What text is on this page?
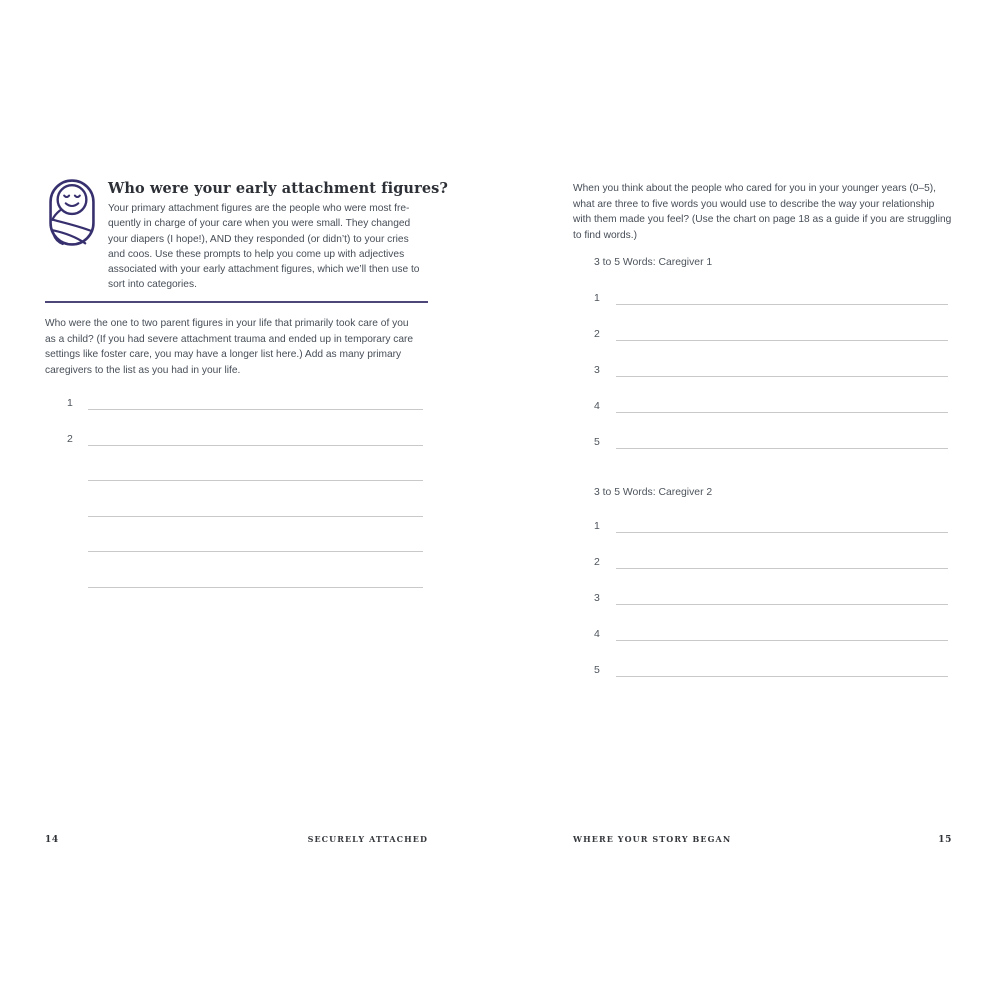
Who were your early attachment figures?
Your primary attachment figures are the people who were most fre-
quently in charge of your care when you were small. They changed
your diapers (I hope!), AND they responded (or didn’t) to your cries
and coos. Use these prompts to help you come up with adjectives
associated with your early attachment figures, which we’ll then use to
sort into categories.
Who were the one to two parent figures in your life that primarily took care of you
as a child? (If you had severe attachment trauma and ended up in temporary care
settings like foster care, you may have a longer list here.) Add as many primary
caregivers to the list as you had in your life.
1
2
14	SECURELY ATTACHED
When you think about the people who cared for you in your younger years (0–5),
what are three to five words you would use to describe the way your relationship
with them made you feel? (Use the chart on page 18 as a guide if you are struggling
to find words.)
3 to 5 Words: Caregiver 1
1
2
3
4
5
3 to 5 Words: Caregiver 2
1
2
3
4
5
WHERE YOUR STORY BEGAN	15
